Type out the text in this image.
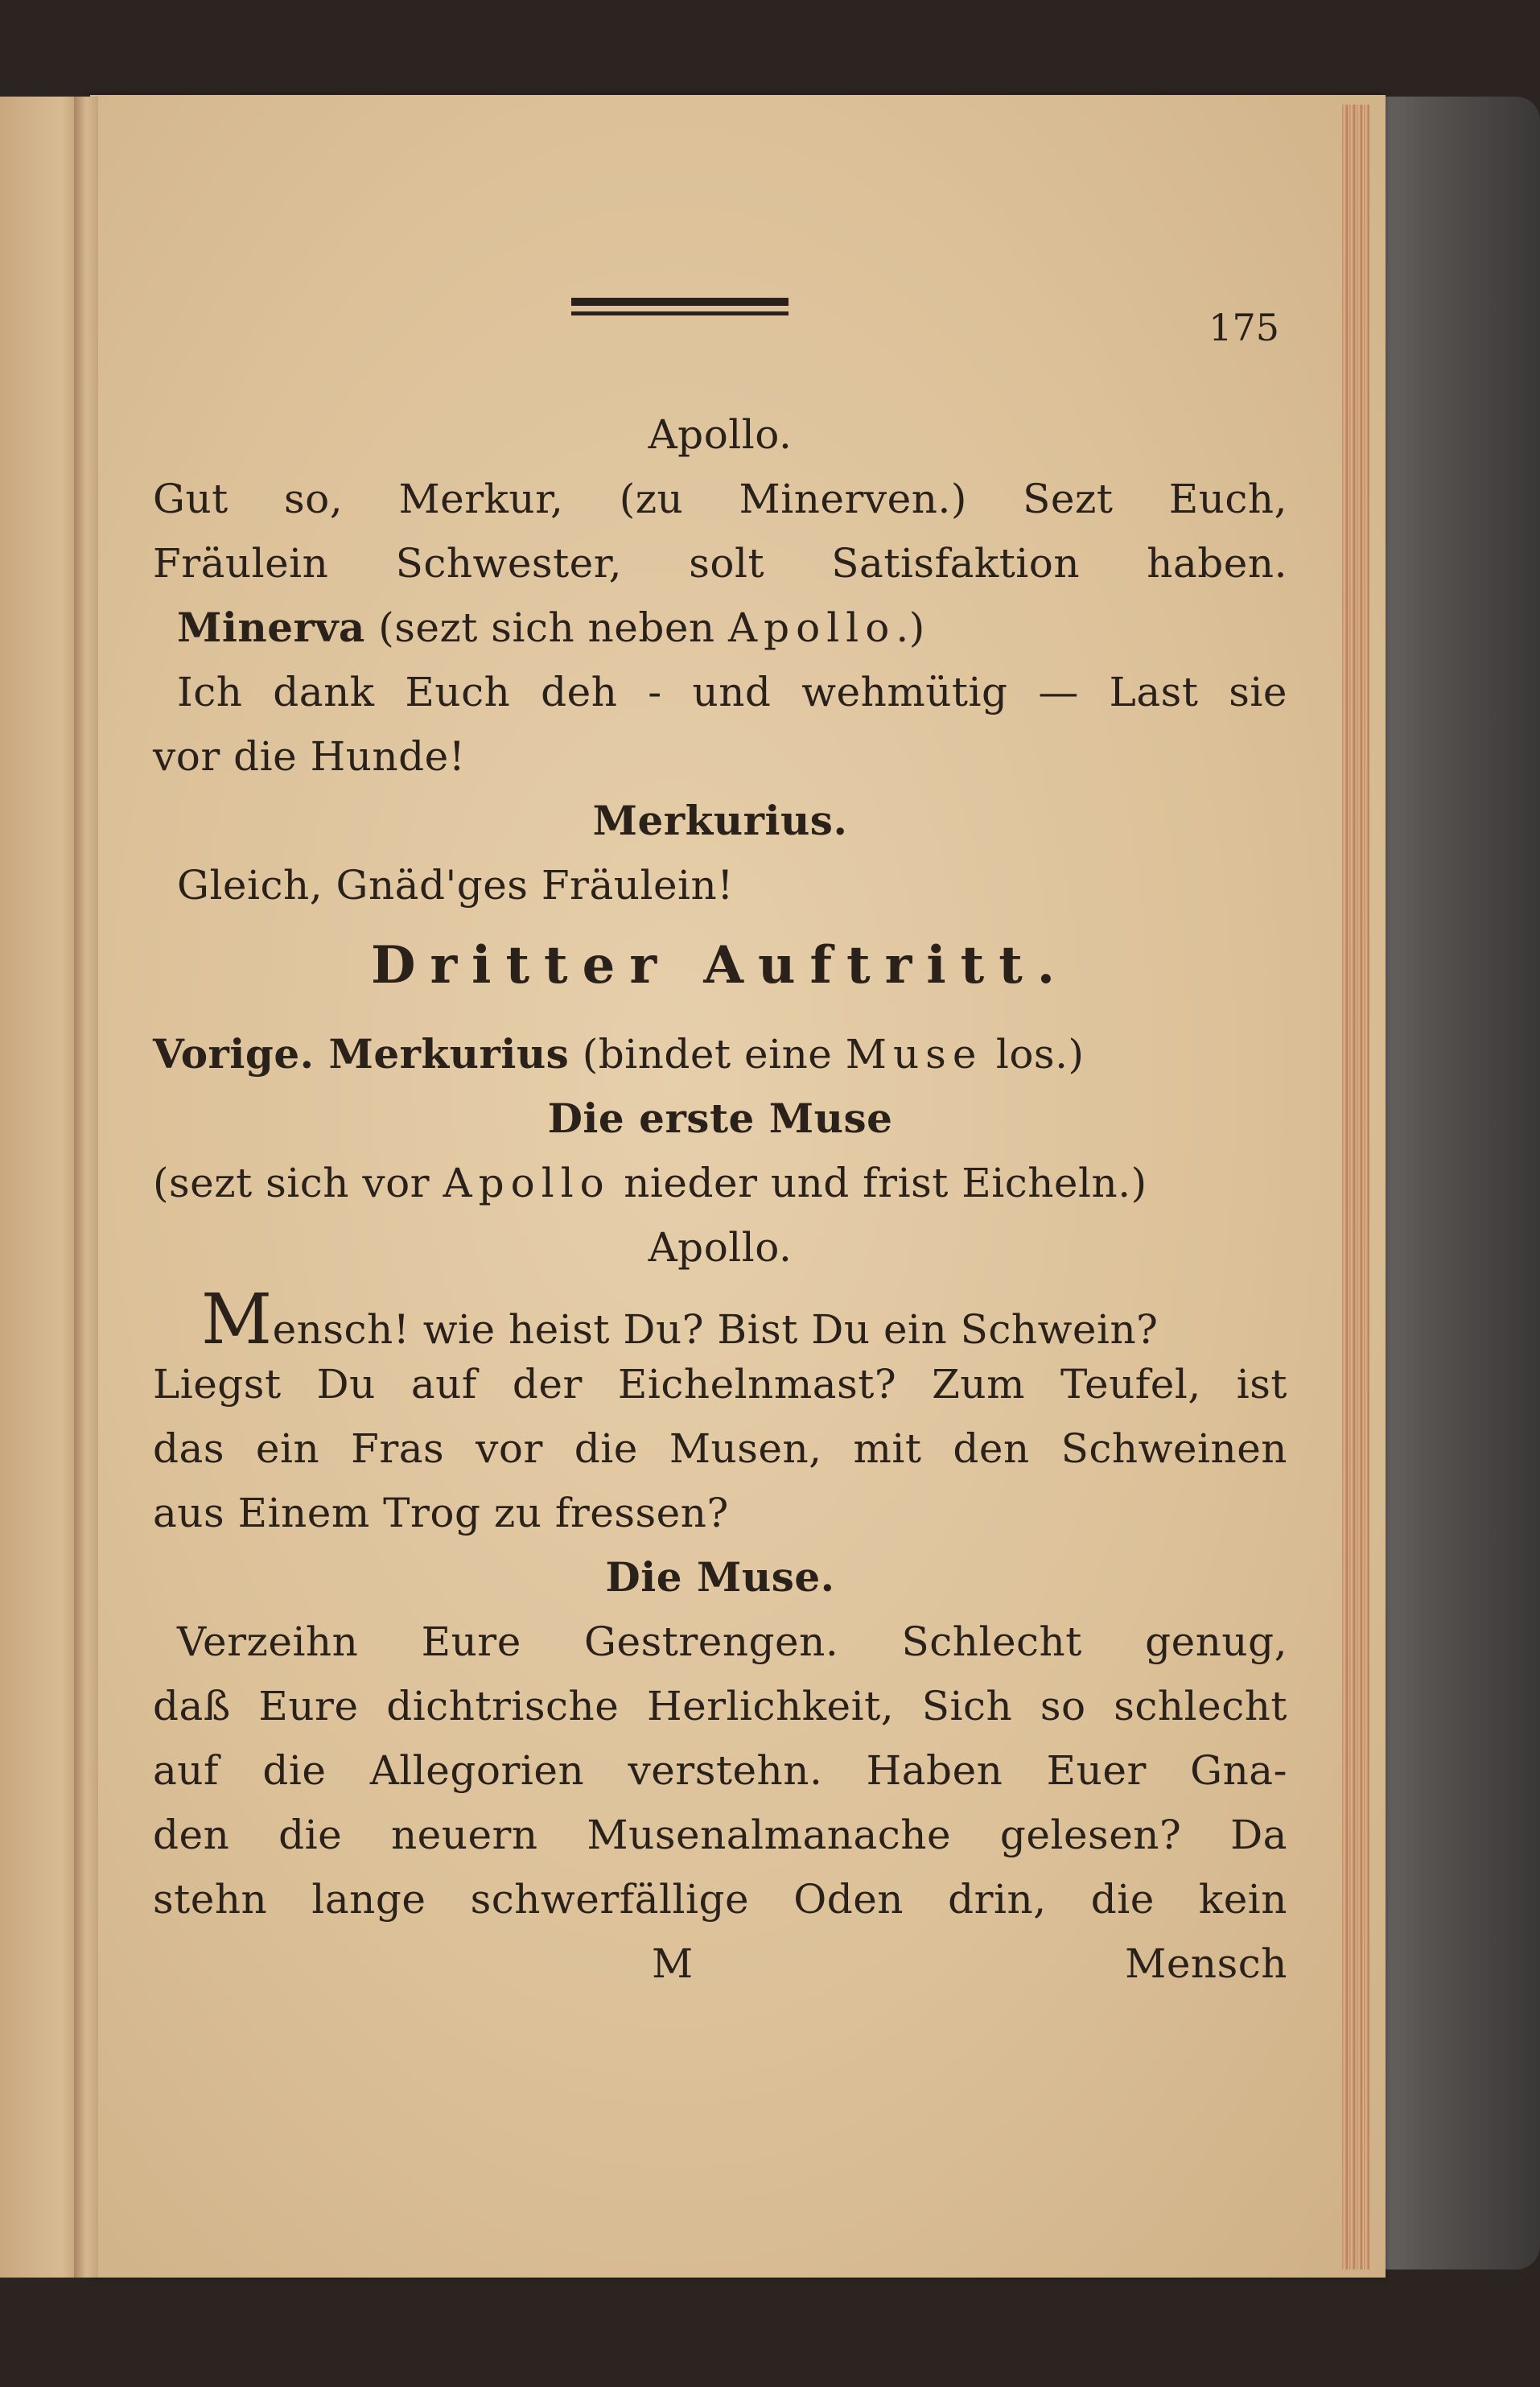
175
Apollo.
Gut so, Merkur, (zu Minerven.) Sezt Euch,
Fräulein Schwester, solt Satisfaktion haben.
Minerva (sezt sich neben Apollo.)
Ich dank Euch deh - und wehmütig — Last sie
vor die Hunde!
Merkurius.
Gleich, Gnäd'ges Fräulein!
Dritter Auftritt.
Vorige. Merkurius (bindet eine Muse los.)
Die erste Muse
(sezt sich vor Apollo nieder und frist Eicheln.)
Apollo.
Mensch! wie heist Du? Bist Du ein Schwein?
Liegst Du auf der Eichelnmast? Zum Teufel, ist
das ein Fras vor die Musen, mit den Schweinen
aus Einem Trog zu fressen?
Die Muse.
Verzeihn Eure Gestrengen. Schlecht genug,
daß Eure dichtrische Herlichkeit, Sich so schlecht
auf die Allegorien verstehn. Haben Euer Gna-
den die neuern Musenalmanache gelesen? Da
stehn lange schwerfällige Oden drin, die kein
M	Mensch
